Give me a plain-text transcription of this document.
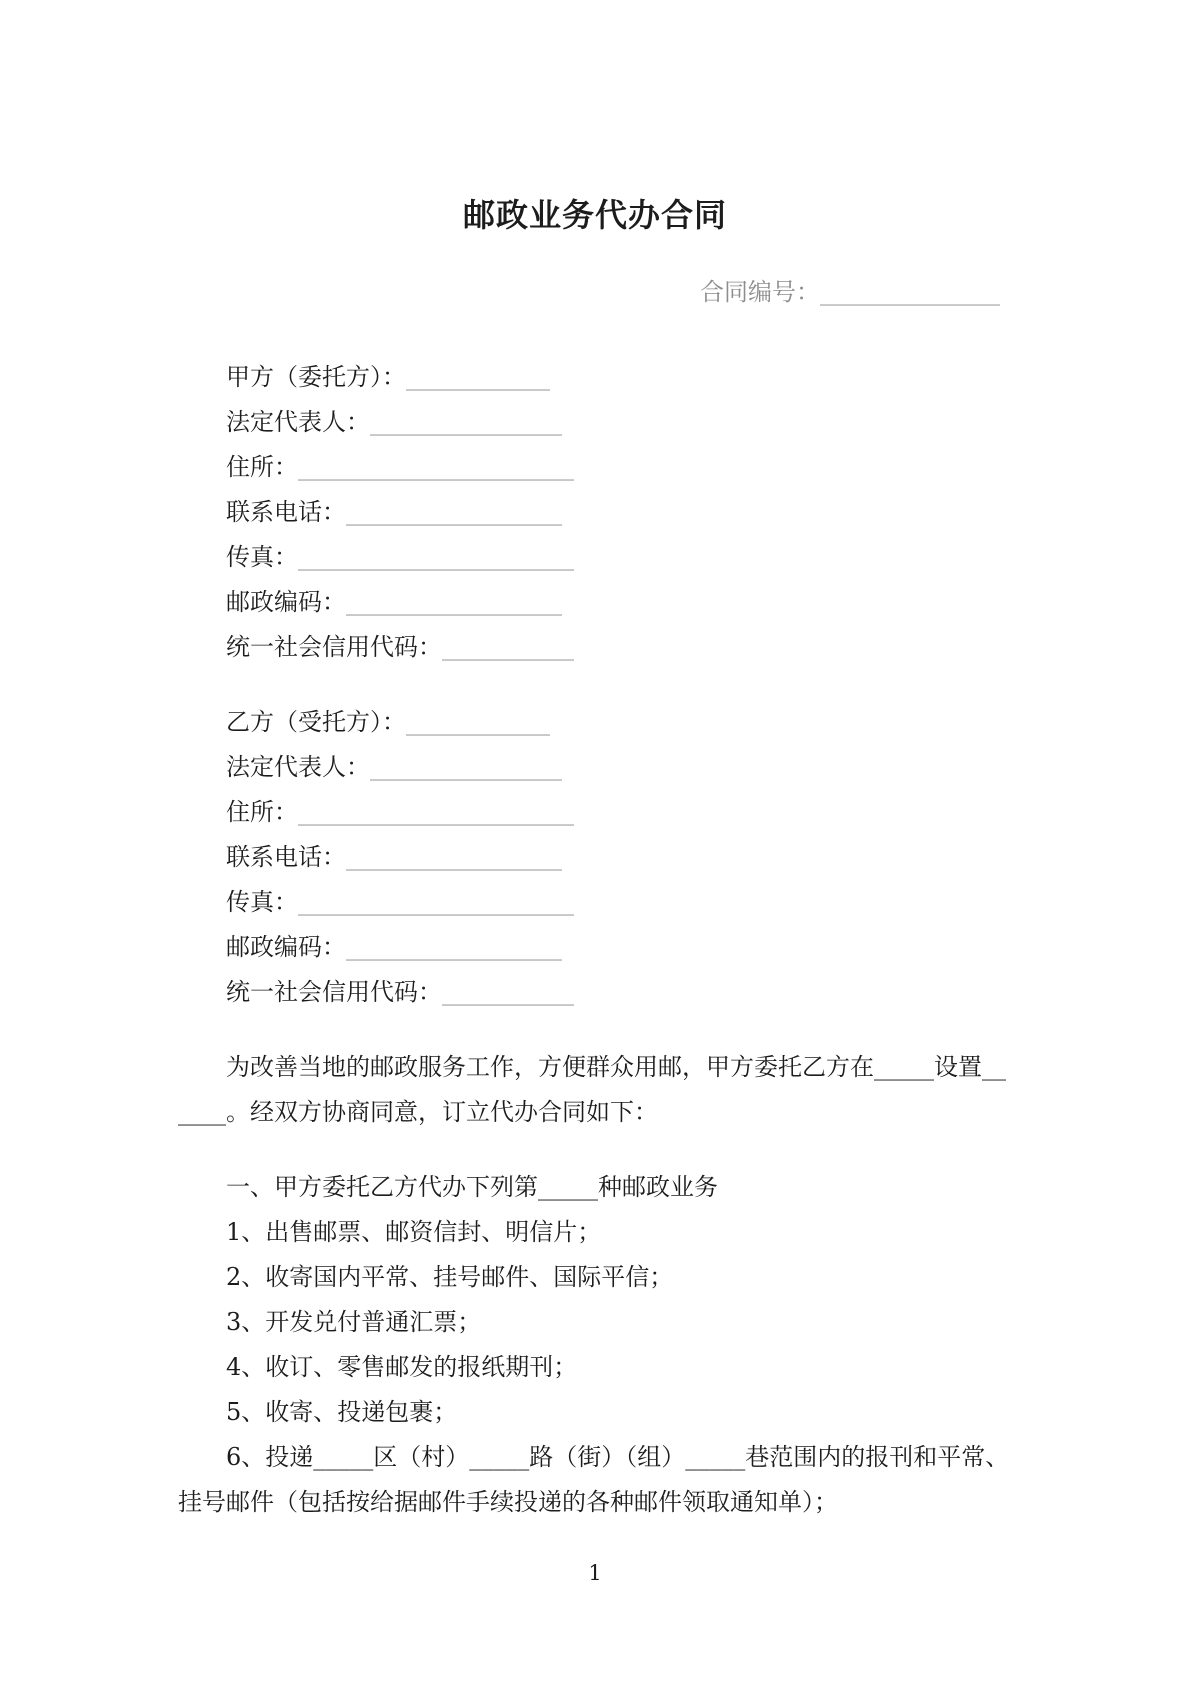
邮政业务代办合同
合同编号：_______________
甲方（委托方）：____________
法定代表人：________________
住所：_______________________
联系电话：__________________
传真：_______________________
邮政编码：__________________
统一社会信用代码：___________
乙方（受托方）：____________
法定代表人：________________
住所：_______________________
联系电话：__________________
传真：_______________________
邮政编码：__________________
统一社会信用代码：___________
为改善当地的邮政服务工作，方便群众用邮，甲方委托乙方在_____设置__
____。经双方协商同意，订立代办合同如下：
一、甲方委托乙方代办下列第_____种邮政业务
1、出售邮票、邮资信封、明信片；
2、收寄国内平常、挂号邮件、国际平信；
3、开发兑付普通汇票；
4、收订、零售邮发的报纸期刊；
5、收寄、投递包裹；
6、投递_____区（村）_____路（街）（组）_____巷范围内的报刊和平常、
挂号邮件（包括按给据邮件手续投递的各种邮件领取通知单）；
1
